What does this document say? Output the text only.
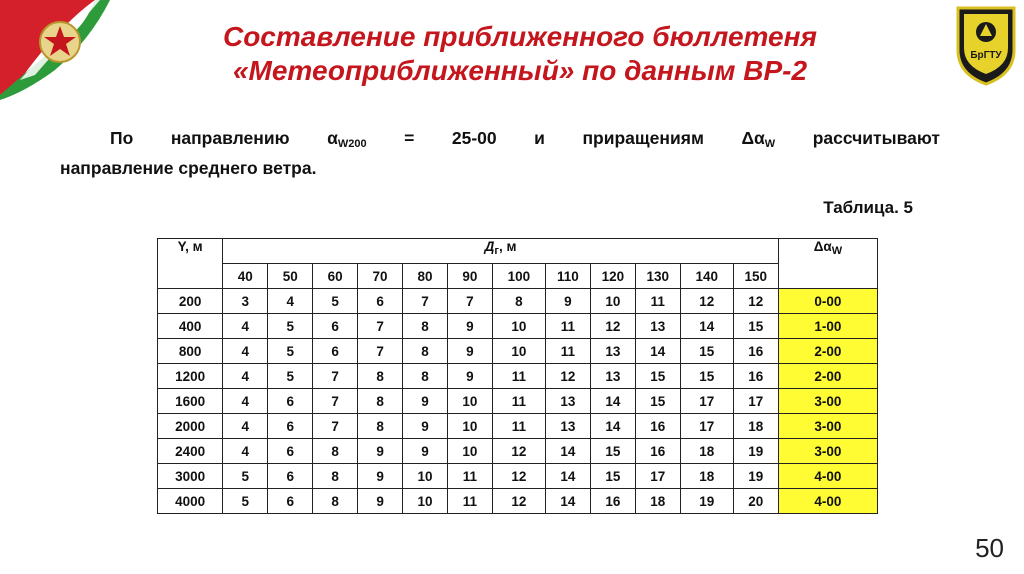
БрГТУ
Составление приближенного бюллетеня
«Метеоприближенный» по данным ВР-2
По направлению $\alpha_{W200} = 25-00$ и приращениям $\Delta\alpha_W$ рассчитывают
направление среднего ветра.
Таблица. 5
Y, м	$Д_г$, м												$\Delta\alpha_W$
	40	50	60	70	80	90	100	110	120	130	140	150	
200	3	4	5	6	7	7	8	9	10	11	12	12	0-00
400	4	5	6	7	8	9	10	11	12	13	14	15	1-00
800	4	5	6	7	8	9	10	11	13	14	15	16	2-00
1200	4	5	7	8	8	9	11	12	13	15	15	16	2-00
1600	4	6	7	8	9	10	11	13	14	15	17	17	3-00
2000	4	6	7	8	9	10	11	13	14	16	17	18	3-00
2400	4	6	8	9	9	10	12	14	15	16	18	19	3-00
3000	5	6	8	9	10	11	12	14	15	17	18	19	4-00
4000	5	6	8	9	10	11	12	14	16	18	19	20	4-00
50
